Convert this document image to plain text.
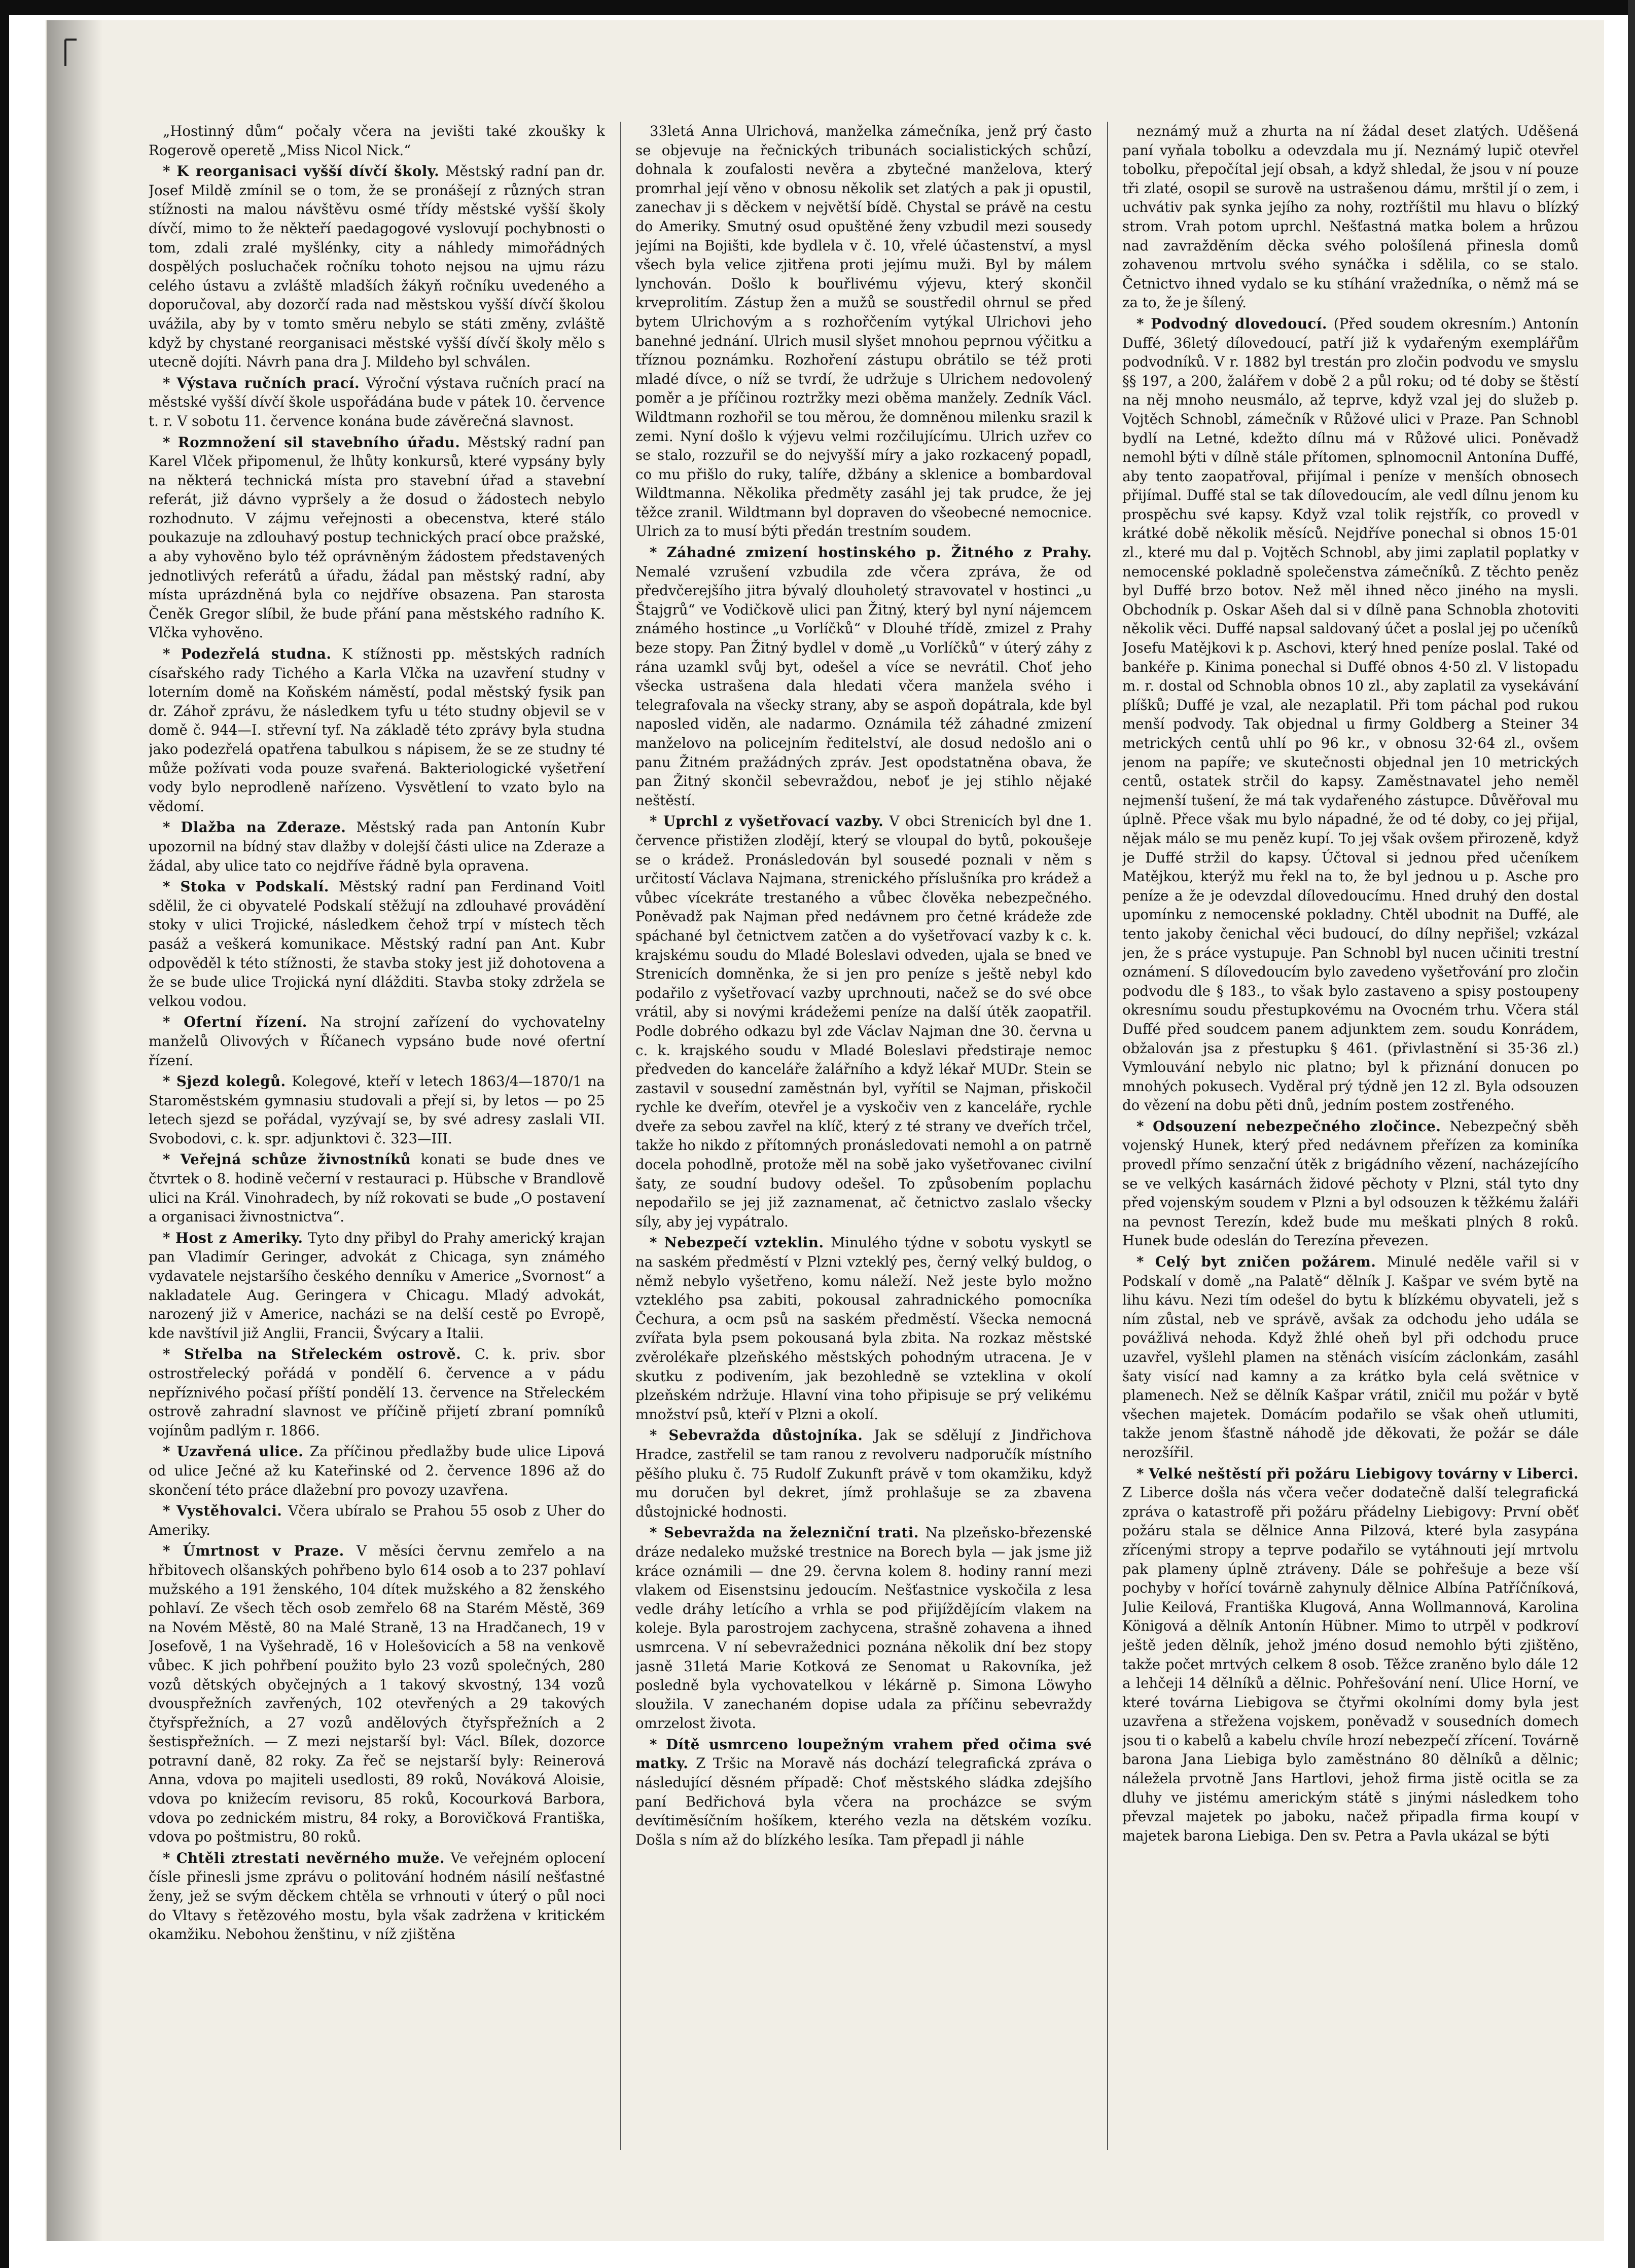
„Hostinný dům“ počaly včera na jevišti také zkoušky k Rogerově operetě „Miss Nicol Nick.“

* K reorganisaci vyšší dívčí školy. Městský radní pan dr. Josef Mildě zmínil se o tom, že se pronášejí z různých stran stížnosti na malou návštěvu osmé třídy městské vyšší školy dívčí, mimo to že někteří paedagogové vyslovují pochybnosti o tom, zdali zralé myšlénky, city a náhledy mimořádných dospělých posluchaček ročníku tohoto nejsou na ujmu rázu celého ústavu a zvláště mladších žákyň ročníku uvedeného a doporučoval, aby dozorčí rada nad městskou vyšší dívčí školou uvážila, aby by v tomto směru nebylo se státi změny, zvláště když by chystané reorganisaci městské vyšší dívčí školy mělo s utecně dojíti. Návrh pana dra J. Mildeho byl schválen.

* Výstava ručních prací. Výroční výstava ručních prací na městské vyšší dívčí škole uspořádána bude v pátek 10. července t. r. V sobotu 11. července konána bude závěrečná slavnost.

* Rozmnožení sil stavebního úřadu. Městský radní pan Karel Vlček připomenul, že lhůty konkursů, které vypsány byly na některá technická místa pro stavební úřad a stavební referát, již dávno vypršely a že dosud o žádostech nebylo rozhodnuto. V zájmu veřejnosti a obecenstva, které stálo poukazuje na zdlouhavý postup technických prací obce pražské, a aby vyhověno bylo též oprávněným žádostem představených jednotlivých referátů a úřadu, žádal pan městský radní, aby místa uprázdněná byla co nejdříve obsazena. Pan starosta Čeněk Gregor slíbil, že bude přání pana městského radního K. Vlčka vyhověno.

* Podezřelá studna. K stížnosti pp. městských radních císařského rady Tichého a Karla Vlčka na uzavření studny v loterním domě na Koňském náměstí, podal městský fysik pan dr. Záhoř zprávu, že následkem tyfu u této studny objevil se v domě č. 944—I. střevní tyf. Na základě této zprávy byla studna jako podezřelá opatřena tabulkou s nápisem, že se ze studny té může požívati voda pouze svařená. Bakteriologické vyšetření vody bylo neprodleně nařízeno. Vysvětlení to vzato bylo na vědomí.

* Dlažba na Zderaze. Městský rada pan Antonín Kubr upozornil na bídný stav dlažby v dolejší části ulice na Zderaze a žádal, aby ulice tato co nejdříve řádně byla opravena.

* Stoka v Podskalí. Městský radní pan Ferdinand Voitl sdělil, že ci obyvatelé Podskalí stěžují na zdlouhavé provádění stoky v ulici Trojické, následkem čehož trpí v místech těch pasáž a veškerá komunikace. Městský radní pan Ant. Kubr odpověděl k této stížnosti, že stavba stoky jest již dohotovena a že se bude ulice Trojická nyní dlážditi. Stavba stoky zdržela se velkou vodou.

* Ofertní řízení. Na strojní zařízení do vychovatelny manželů Olivových v Říčanech vypsáno bude nové ofertní řízení.

* Sjezd kolegů. Kolegové, kteří v letech 1863/4—1870/1 na Staroměstském gymnasiu studovali a přejí si, by letos — po 25 letech sjezd se pořádal, vyzývají se, by své adresy zaslali VII. Svobodovi, c. k. spr. adjunktovi č. 323—III.

* Veřejná schůze živnostníků konati se bude dnes ve čtvrtek o 8. hodině večerní v restauraci p. Hübsche v Brandlově ulici na Král. Vinohradech, by níž rokovati se bude „O postavení a organisaci živnostnictva“.

* Host z Ameriky. Tyto dny přibyl do Prahy americký krajan pan Vladimír Geringer, advokát z Chicaga, syn známého vydavatele nejstaršího českého denníku v Americe „Svornost“ a nakladatele Aug. Geringera v Chicagu. Mladý advokát, narozený již v Americe, nacházi se na delší cestě po Evropě, kde navštívil již Anglii, Francii, Švýcary a Italii.

* Střelba na Střeleckém ostrově. C. k. priv. sbor ostrostřelecký pořádá v pondělí 6. července a v pádu nepříznivého počasí příští pondělí 13. července na Střeleckém ostrově zahradní slavnost ve příčině přijetí zbraní pomníků vojínům padlým r. 1866.

* Uzavřená ulice. Za příčinou předlažby bude ulice Lipová od ulice Ječné až ku Kateřinské od 2. července 1896 až do skončení této práce dlažební pro povozy uzavřena.

* Vystěhovalci. Včera ubíralo se Prahou 55 osob z Uher do Ameriky.

* Úmrtnost v Praze. V měsíci červnu zemřelo a na hřbitovech olšanských pohřbeno bylo 614 osob a to 237 pohlaví mužského a 191 ženského, 104 dítek mužského a 82 ženského pohlaví. Ze všech těch osob zemřelo 68 na Starém Městě, 369 na Novém Městě, 80 na Malé Straně, 13 na Hradčanech, 19 v Josefově, 1 na Vyšehradě, 16 v Holešovicích a 58 na venkově vůbec. K jich pohřbení použito bylo 23 vozů společných, 280 vozů dětských obyčejných a 1 takový skvostný, 134 vozů dvouspřežních zavřených, 102 otevřených a 29 takových čtyřspřežních, a 27 vozů andělových čtyřspřežních a 2 šestispřežních. — Z mezi nejstarší byl: Václ. Bílek, dozorce potravní daně, 82 roky. Za řeč se nejstarší byly: Reinerová Anna, vdova po majiteli usedlosti, 89 roků, Nováková Aloisie, vdova po knižecím revisoru, 85 roků, Kocourková Barbora, vdova po zednickém mistru, 84 roky, a Borovičková Františka, vdova po poštmistru, 80 roků.

* Chtěli ztrestati nevěrného muže. Ve veřejném oplocení čísle přinesli jsme zprávu o politování hodném násilí nešťastné ženy, jež se svým děckem chtěla se vrhnouti v úterý o půl noci do Vltavy s řetězového mostu, byla však zadržena v kritickém okamžiku. Nebohou ženštinu, v níž zjištěna

33letá Anna Ulrichová, manželka zámečníka, jenž prý často se objevuje na řečnických tribunách socialistických schůzí, dohnala k zoufalosti nevěra a zbytečné manželova, který promrhal její věno v obnosu několik set zlatých a pak ji opustil, zanechav ji s děckem v největší bídě. Chystal se právě na cestu do Ameriky. Smutný osud opuštěné ženy vzbudil mezi sousedy jejími na Bojišti, kde bydlela v č. 10, vřelé účastenství, a mysl všech byla velice zjitřena proti jejímu muži. Byl by málem lynchován. Došlo k bouřlivému výjevu, který skončil krveprolitím. Zástup žen a mužů se soustředil ohrnul se před bytem Ulrichovým a s rozhořčením vytýkal Ulrichovi jeho banehné jednání. Ulrich musil slyšet mnohou peprnou výčitku a tříznou poznámku. Rozhoření zástupu obrátilo se též proti mladé dívce, o níž se tvrdí, že udržuje s Ulrichem nedovolený poměr a je příčinou roztržky mezi oběma manžely. Zedník Václ. Wildtmann rozhořil se tou měrou, že domněnou milenku srazil k zemi. Nyní došlo k výjevu velmi rozčilujícímu. Ulrich uzřev co se stalo, rozzuřil se do nejvyšší míry a jako rozkacený popadl, co mu přišlo do ruky, talíře, džbány a sklenice a bombardoval Wildtmanna. Několika předměty zasáhl jej tak prudce, že jej těžce zranil. Wildtmann byl dopraven do všeobecné nemocnice. Ulrich za to musí býti předán trestním soudem.

* Záhadné zmizení hostinského p. Žitného z Prahy. Nemalé vzrušení vzbudila zde včera zpráva, že od předvčerejšího jitra bývalý dlouholetý stravovatel v hostinci „u Štajgrů“ ve Vodičkově ulici pan Žitný, který byl nyní nájemcem známého hostince „u Vorlíčků“ v Dlouhé třídě, zmizel z Prahy beze stopy. Pan Žitný bydlel v domě „u Vorlíčků“ v úterý záhy z rána uzamkl svůj byt, odešel a více se nevrátil. Choť jeho všecka ustrašena dala hledati včera manžela svého i telegrafovala na všecky strany, aby se aspoň dopátrala, kde byl naposled viděn, ale nadarmo. Oznámila též záhadné zmizení manželovo na policejním ředitelství, ale dosud nedošlo ani o panu Žitném pražádných zpráv. Jest opodstatněna obava, že pan Žitný skončil sebevraždou, neboť je jej stihlo nějaké neštěstí.

* Uprchl z vyšetřovací vazby. V obci Strenicích byl dne 1. července přistižen zlodějí, který se vloupal do bytů, pokoušeje se o krádež. Pronásledován byl sousedé poznali v něm s určitostí Václava Najmana, strenického příslušníka pro krádež a vůbec vícekráte trestaného a vůbec člověka nebezpečného. Poněvadž pak Najman před nedávnem pro četné krádeže zde spáchané byl četnictvem zatčen a do vyšetřovací vazby k c. k. krajskému soudu do Mladé Boleslavi odveden, ujala se bned ve Strenicích domněnka, že si jen pro peníze s ještě nebyl kdo podařilo z vyšetřovací vazby uprchnouti, načež se do své obce vrátil, aby si novými krádežemi peníze na další útěk zaopatřil. Podle dobrého odkazu byl zde Václav Najman dne 30. června u c. k. krajského soudu v Mladé Boleslavi předstiraje nemoc předveden do kanceláře žalářního a když lékař MUDr. Stein se zastavil v sousední zaměstnán byl, vyřítil se Najman, přiskočil rychle ke dveřím, otevřel je a vyskočiv ven z kanceláře, rychle dveře za sebou zavřel na klíč, který z té strany ve dveřích trčel, takže ho nikdo z přítomných pronásledovati nemohl a on patrně docela pohodlně, protože měl na sobě jako vyšetřovanec civilní šaty, ze soudní budovy odešel. To způsobením poplachu nepodařilo se jej již zaznamenat, ač četnictvo zaslalo všecky síly, aby jej vypátralo.

* Nebezpečí vzteklin. Minulého týdne v sobotu vyskytl se na saském předměstí v Plzni vzteklý pes, černý velký buldog, o němž nebylo vyšetřeno, komu náleží. Než jeste bylo možno vzteklého psa zabiti, pokousal zahradnického pomocníka Čechura, a ocm psů na saském předměstí. Všecka nemocná zvířata byla psem pokousaná byla zbita. Na rozkaz městské zvěrolékaře plzeňského městských pohodným utracena. Je v skutku z podivením, jak bezohledně se vzteklina v okolí plzeňském ndržuje. Hlavní vina toho připisuje se prý velikému množství psů, kteří v Plzni a okolí.

* Sebevražda důstojníka. Jak se sdělují z Jindřichova Hradce, zastřelil se tam ranou z revolveru nadporučík místního pěšího pluku č. 75 Rudolf Zukunft právě v tom okamžiku, když mu doručen byl dekret, jímž prohlašuje se za zbavena důstojnické hodnosti.

* Sebevražda na železniční trati. Na plzeňsko-březenské dráze nedaleko mužské trestnice na Borech byla — jak jsme již kráce oznámili — dne 29. června kolem 8. hodiny ranní mezi vlakem od Eisenstsinu jedoucím. Nešťastnice vyskočila z lesa vedle dráhy letícího a vrhla se pod přijíždějícím vlakem na koleje. Byla parostrojem zachycena, strašně zohavena a ihned usmrcena. V ní sebevražednici poznána několik dní bez stopy jasně 31letá Marie Kotková ze Senomat u Rakovníka, jež posledně byla vychovatelkou v lékárně p. Simona Löwyho sloužila. V zanechaném dopise udala za příčinu sebevraždy omrzelost života.

* Dítě usmrceno loupežným vrahem před očima své matky. Z Tršic na Moravě nás dochází telegrafická zpráva o následující děsném případě: Choť městského sládka zdejšího paní Bedřichová byla včera na procházce se svým devítiměsíčním hošíkem, kterého vezla na dětském vozíku. Došla s ním až do blízkého lesíka. Tam přepadl ji náhle

neznámý muž a zhurta na ní žádal deset zlatých. Uděšená paní vyňala tobolku a odevzdala mu jí. Neznámý lupič otevřel tobolku, přepočítal její obsah, a když shledal, že jsou v ní pouze tři zlaté, osopil se surově na ustrašenou dámu, mrštil jí o zem, i uchvátiv pak synka jejího za nohy, roztříštil mu hlavu o blízký strom. Vrah potom uprchl. Nešťastná matka bolem a hrůzou nad zavražděním děcka svého pološílená přinesla domů zohavenou mrtvolu svého synáčka i sdělila, co se stalo. Četnictvo ihned vydalo se ku stíhání vražedníka, o němž má se za to, že je šílený.

* Podvodný dlovedoucí. (Před soudem okresním.) Antonín Duffé, 36letý dílovedoucí, patří již k vydařeným exemplářům podvodníků. V r. 1882 byl trestán pro zločin podvodu ve smyslu §§ 197, a 200, žalářem v době 2 a půl roku; od té doby se štěstí na něj mnoho neusmálo, až teprve, když vzal jej do služeb p. Vojtěch Schnobl, zámečník v Růžové ulici v Praze. Pan Schnobl bydlí na Letné, kdežto dílnu má v Růžové ulici. Poněvadž nemohl býti v dílně stále přítomen, splnomocnil Antonína Duffé, aby tento zaopatřoval, přijímal i peníze v menších obnosech přijímal. Duffé stal se tak dílovedoucím, ale vedl dílnu jenom ku prospěchu své kapsy. Když vzal tolik rejstřík, co provedl v krátké době několik měsíců. Nejdříve ponechal si obnos 15·01 zl., které mu dal p. Vojtěch Schnobl, aby jimi zaplatil poplatky v nemocenské pokladně společenstva zámečníků. Z těchto peněz byl Duffé brzo botov. Než měl ihned něco jiného na mysli. Obchodník p. Oskar Ašeh dal si v dílně pana Schnobla zhotoviti několik věci. Duffé napsal saldovaný účet a poslal jej po učeníků Josefu Matějkovi k p. Aschovi, který hned peníze poslal. Také od bankéře p. Kinima ponechal si Duffé obnos 4·50 zl. V listopadu m. r. dostal od Schnobla obnos 10 zl., aby zaplatil za vysekávání plíšků; Duffé je vzal, ale nezaplatil. Při tom páchal pod rukou menší podvody. Tak objednal u firmy Goldberg a Steiner 34 metrických centů uhlí po 96 kr., v obnosu 32·64 zl., ovšem jenom na papíře; ve skutečnosti objednal jen 10 metrických centů, ostatek strčil do kapsy. Zaměstnavatel jeho neměl nejmenší tušení, že má tak vydařeného zástupce. Důvěřoval mu úplně. Přece však mu bylo nápadné, že od té doby, co jej přijal, nějak málo se mu peněz kupí. To jej však ovšem přirozeně, když je Duffé stržil do kapsy. Účtoval si jednou před učeníkem Matějkou, kterýž mu řekl na to, že byl jednou u p. Asche pro peníze a že je odevzdal dílovedoucímu. Hned druhý den dostal upomínku z nemocenské pokladny. Chtěl ubodnit na Duffé, ale tento jakoby čenichal věci budoucí, do dílny nepřišel; vzkázal jen, že s práce vystupuje. Pan Schnobl byl nucen učiniti trestní oznámení. S dílovedoucím bylo zavedeno vyšetřování pro zločin podvodu dle § 183., to však bylo zastaveno a spisy postoupeny okresnímu soudu přestupkovému na Ovocném trhu. Včera stál Duffé před soudcem panem adjunktem zem. soudu Konrádem, obžalován jsa z přestupku § 461. (přivlastnění si 35·36 zl.) Vymlouvání nebylo nic platno; byl k přiznání donucen po mnohých pokusech. Vyděral prý týdně jen 12 zl. Byla odsouzen do vězení na dobu pěti dnů, jedním postem zostřeného.

* Odsouzení nebezpečného zločince. Nebezpečný sběh vojenský Hunek, který před nedávnem přeřízen za kominíka provedl přímo senzační útěk z brigádního vězení, nacházejícího se ve velkých kasárnách židové pěchoty v Plzni, stál tyto dny před vojenským soudem v Plzni a byl odsouzen k těžkému žaláři na pevnost Terezín, kdež bude mu meškati plných 8 roků. Hunek bude odeslán do Terezína převezen.

* Celý byt zničen požárem. Minulé neděle vařil si v Podskalí v domě „na Palatě“ dělník J. Kašpar ve svém bytě na lihu kávu. Nezi tím odešel do bytu k blízkému obyvateli, jež s ním zůstal, neb ve správě, avšak za odchodu jeho udála se povážlivá nehoda. Když žhlé oheň byl při odchodu pruce uzavřel, vyšlehl plamen na stěnách visícím záclonkám, zasáhl šaty visící nad kamny a za krátko byla celá světnice v plamenech. Než se dělník Kašpar vrátil, zničil mu požár v bytě všechen majetek. Domácím podařilo se však oheň utlumiti, takže jenom šťastně náhodě jde děkovati, že požár se dále nerozšířil.

* Velké neštěstí při požáru Liebigovy továrny v Liberci. Z Liberce došla nás včera večer dodatečně další telegrafická zpráva o katastrofě při požáru přádelny Liebigovy: První oběť požáru stala se dělnice Anna Pilzová, které byla zasypána zřícenými stropy a teprve podařilo se vytáhnouti její mrtvolu pak plameny úplně ztráveny. Dále se pohřešuje a beze vší pochyby v hořící továrně zahynuly dělnice Albína Patříčníková, Julie Keilová, Františka Klugová, Anna Wollmannová, Karolina Königová a dělník Antonín Hübner. Mimo to utrpěl v podkroví ještě jeden dělník, jehož jméno dosud nemohlo býti zjištěno, takže počet mrtvých celkem 8 osob. Těžce zraněno bylo dále 12 a lehčeji 14 dělníků a dělnic. Pohřešování není. Ulice Horní, ve které továrna Liebigova se čtyřmi okolními domy byla jest uzavřena a střežena vojskem, poněvadž v sousedních domech jsou ti o kabelů a kabelu chvíle hrozí nebezpečí zřícení. Továrně barona Jana Liebiga bylo zaměstnáno 80 dělníků a dělnic; náležela prvotně Jans Hartlovi, jehož firma jistě ocitla se za dluhy ve jistému americkým státě s jinými následkem toho převzal majetek po jaboku, načež připadla firma koupí v majetek barona Liebiga. Den sv. Petra a Pavla ukázal se býti
